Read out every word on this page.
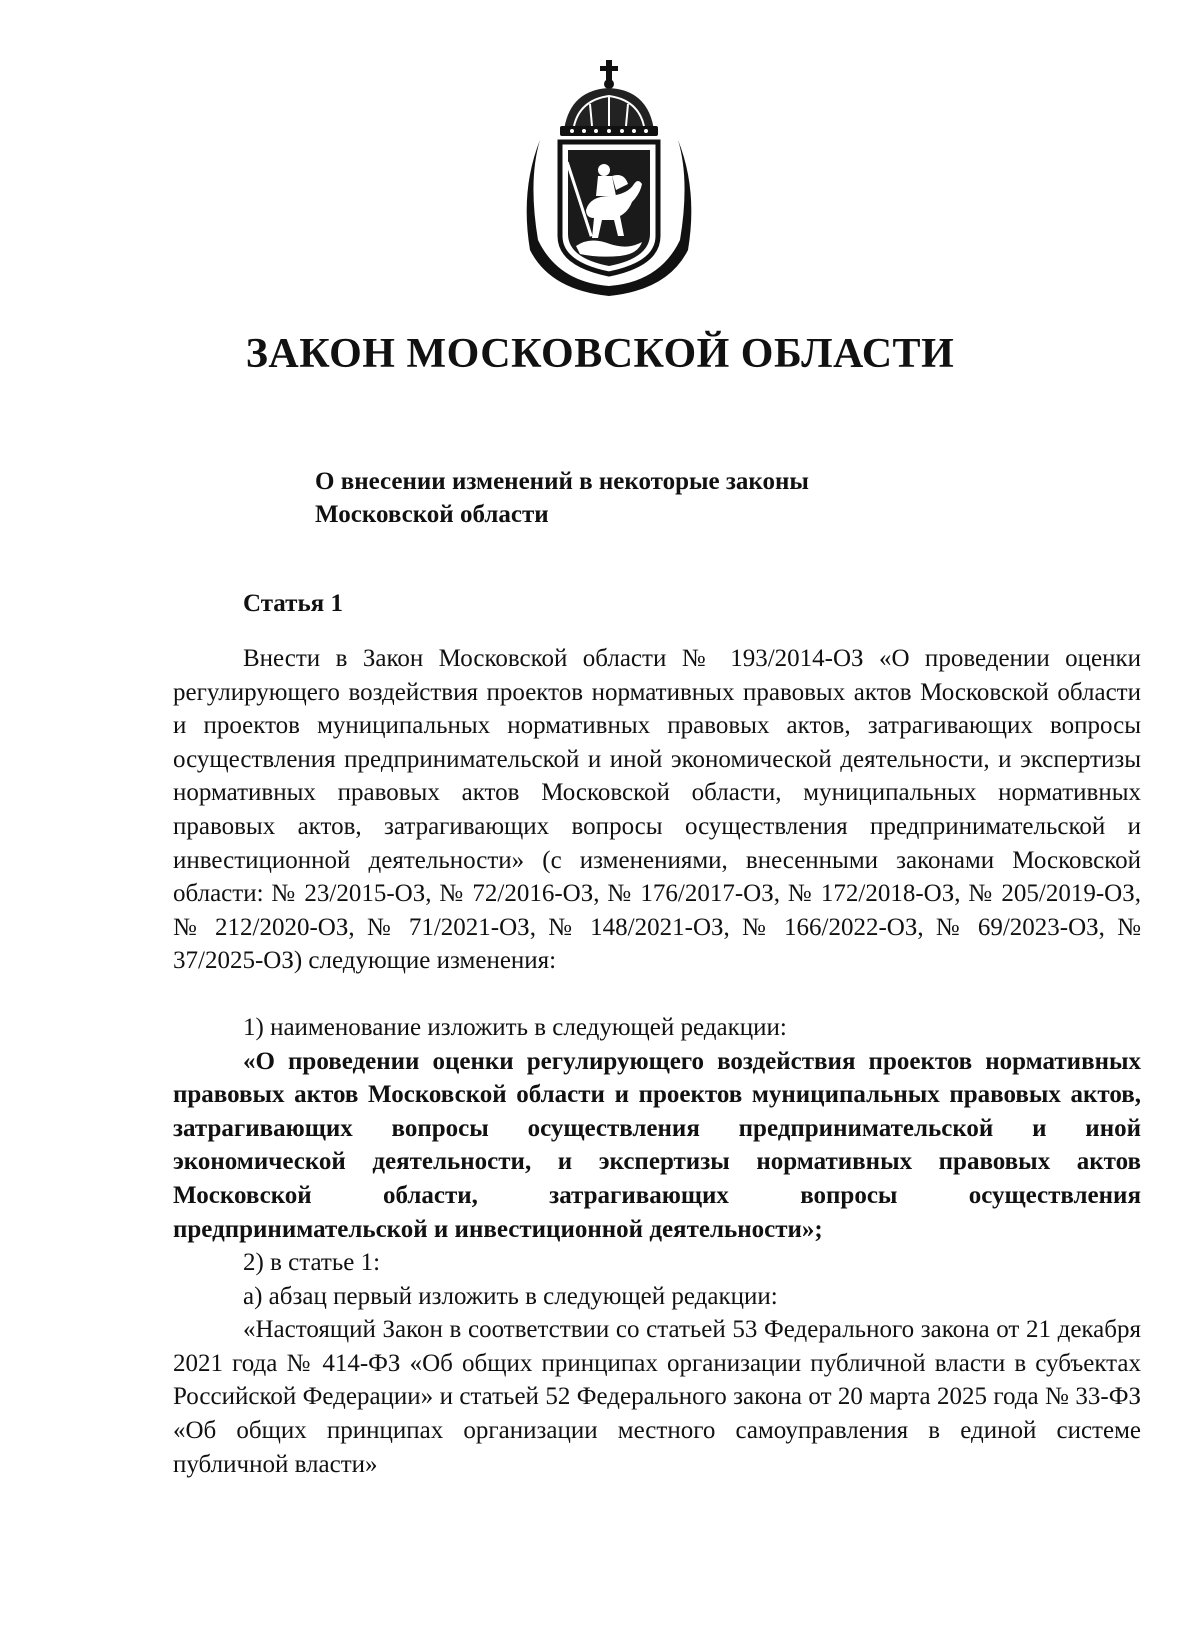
ЗАКОН МОСКОВСКОЙ ОБЛАСТИ
О внесении изменений в некоторые законы
Московской области
Статья 1

Внести в Закон Московской области № 193/2014-ОЗ «О проведении оценки регулирующего воздействия проектов нормативных правовых актов Московской области и проектов муниципальных нормативных правовых актов, затрагивающих вопросы осуществления предпринимательской и иной экономической деятельности, и экспертизы нормативных правовых актов Московской области, муниципальных нормативных правовых актов, затрагивающих вопросы осуществления предпринимательской и инвестиционной деятельности» (с изменениями, внесенными законами Московской области: № 23/2015-ОЗ, № 72/2016-ОЗ, № 176/2017-ОЗ, № 172/2018-ОЗ, № 205/2019-ОЗ, № 212/2020-ОЗ, № 71/2021-ОЗ, № 148/2021-ОЗ, № 166/2022-ОЗ, № 69/2023-ОЗ, № 37/2025-ОЗ) следующие изменения:

1) наименование изложить в следующей редакции:

«О проведении оценки регулирующего воздействия проектов нормативных правовых актов Московской области и проектов муниципальных правовых актов, затрагивающих вопросы осуществления предпринимательской и иной экономической деятельности, и экспертизы нормативных правовых актов Московской области, затрагивающих вопросы осуществления предпринимательской и инвестиционной деятельности»;

2) в статье 1:

а) абзац первый изложить в следующей редакции:

«Настоящий Закон в соответствии со статьей 53 Федерального закона от 21 декабря 2021 года № 414-ФЗ «Об общих принципах организации публичной власти в субъектах Российской Федерации» и статьей 52 Федерального закона от 20 марта 2025 года № 33-ФЗ «Об общих принципах организации местного самоуправления в единой системе публичной власти»
